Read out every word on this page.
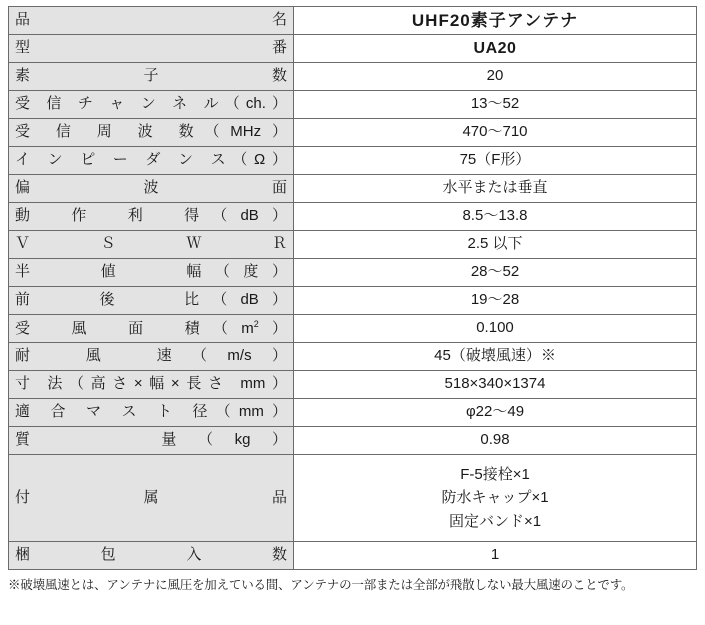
品　　　　　　名	UHF20素子アンテナ
型　　　　　　番	UA20
素　　子　　数	20
受 信 チ ャ ン ネ ル（ch.）	13〜52
受 信 周 波 数（MHz）	470〜710
イ ン ピ ー ダ ン ス（Ω）	75（F形）
偏　　　波　　　面	水平または垂直
動　作　利　得（dB）	8.5〜13.8
Ｖ　　Ｓ　　Ｗ　　Ｒ	2.5 以下
半　　値　　幅（度）	28〜52
前　　後　　比（dB）	19〜28
受　風　面　積$(m^2)$	0.100
耐　風　速（m/s）	45（破壊風速）※
寸 法（高さ×幅×長さ mm）	518×340×1374
適 合 マ ス ト 径（mm）	φ22〜49
質　　　量（kg）	0.98
付　　　属　　　品	F-5接栓×1
防水キャップ×1
固定バンド×1

梱　　包　　入　　数	1
※破壊風速とは、アンテナに風圧を加えている間、アンテナの一部または全部が飛散しない最大風速のことです。
